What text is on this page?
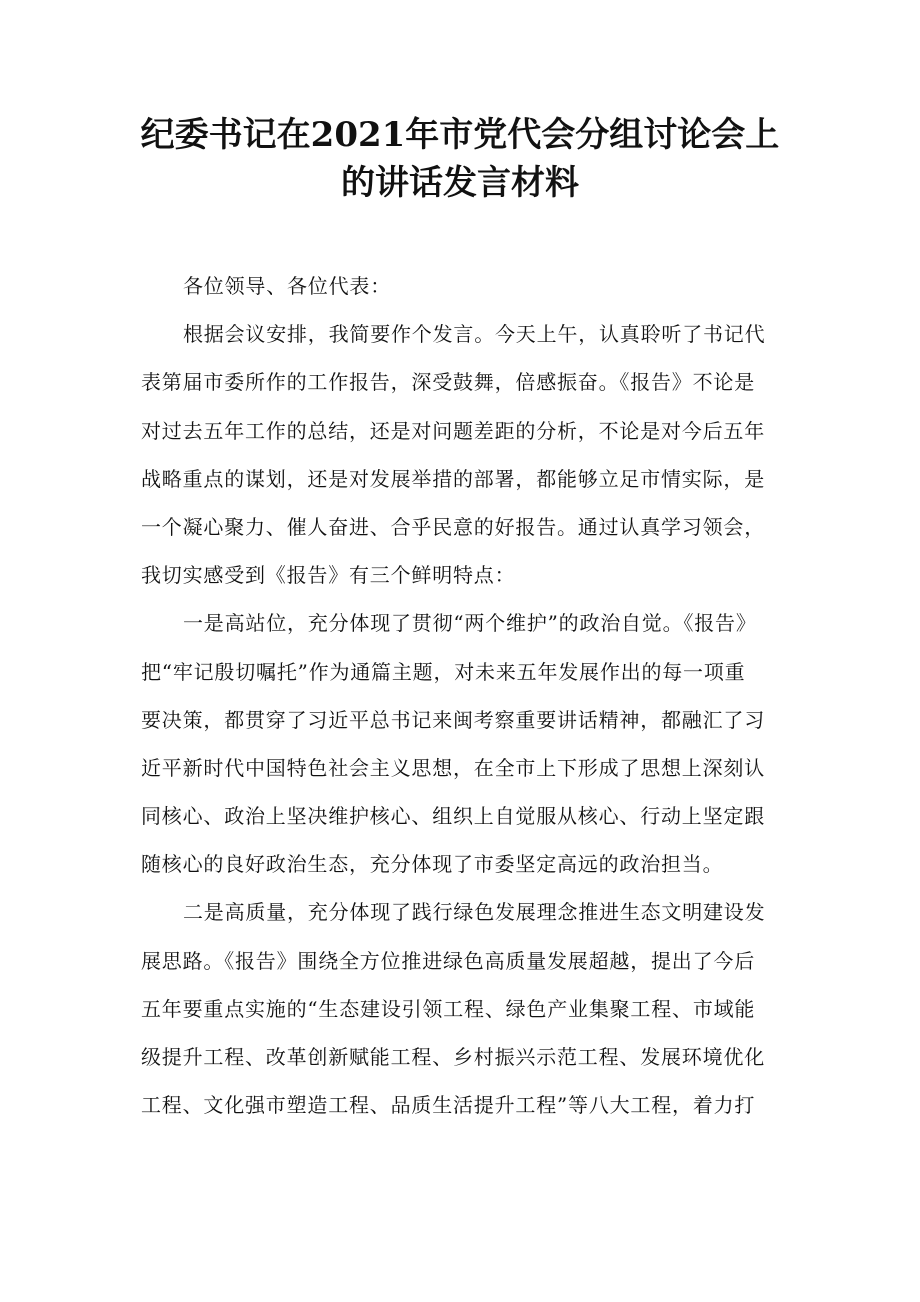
纪委书记在2021年市党代会分组讨论会上
的讲话发言材料

各位领导、各位代表：

根据会议安排，我简要作个发言。今天上午，认真聆听了书记代
表第届市委所作的工作报告，深受鼓舞，倍感振奋。《报告》不论是
对过去五年工作的总结，还是对问题差距的分析，不论是对今后五年
战略重点的谋划，还是对发展举措的部署，都能够立足市情实际，是
一个凝心聚力、催人奋进、合乎民意的好报告。通过认真学习领会，
我切实感受到《报告》有三个鲜明特点：

一是高站位，充分体现了贯彻“两个维护”的政治自觉。《报告》
把“牢记殷切嘱托”作为通篇主题，对未来五年发展作出的每一项重
要决策，都贯穿了习近平总书记来闽考察重要讲话精神，都融汇了习
近平新时代中国特色社会主义思想，在全市上下形成了思想上深刻认
同核心、政治上坚决维护核心、组织上自觉服从核心、行动上坚定跟
随核心的良好政治生态，充分体现了市委坚定高远的政治担当。

二是高质量，充分体现了践行绿色发展理念推进生态文明建设发
展思路。《报告》围绕全方位推进绿色高质量发展超越，提出了今后
五年要重点实施的“生态建设引领工程、绿色产业集聚工程、市域能
级提升工程、改革创新赋能工程、乡村振兴示范工程、发展环境优化
工程、文化强市塑造工程、品质生活提升工程”等八大工程，着力打
